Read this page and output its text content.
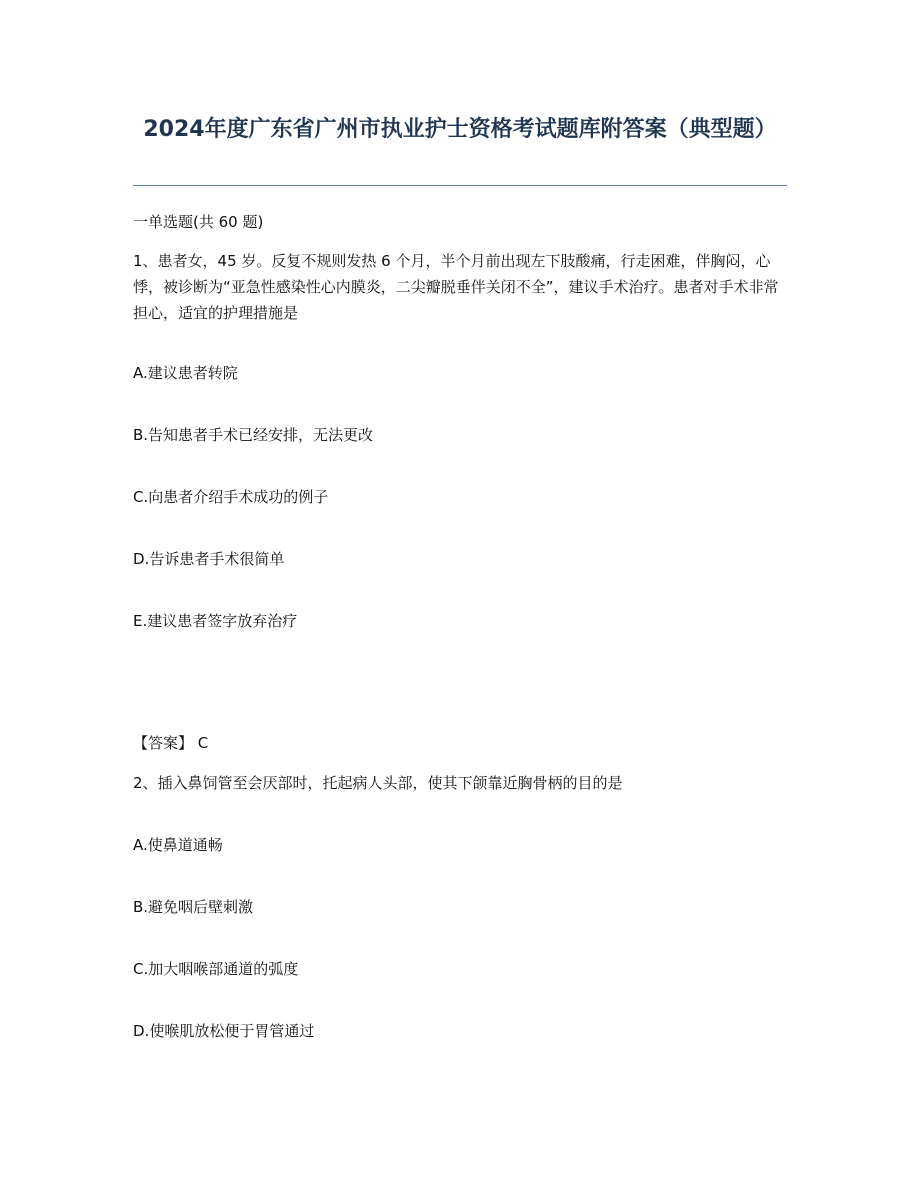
2024年度广东省广州市执业护士资格考试题库附答案（典型题）
一单选题(共 60 题)
1、患者女，45 岁。反复不规则发热 6 个月，半个月前出现左下肢酸痛，行走困难，伴胸闷，心悸，被诊断为“亚急性感染性心内膜炎，二尖瓣脱垂伴关闭不全”，建议手术治疗。患者对手术非常担心，适宜的护理措施是
A.建议患者转院
B.告知患者手术已经安排，无法更改
C.向患者介绍手术成功的例子
D.告诉患者手术很简单
E.建议患者签字放弃治疗
【答案】 C
2、插入鼻饲管至会厌部时，托起病人头部，使其下颌靠近胸骨柄的目的是
A.使鼻道通畅
B.避免咽后壁刺激
C.加大咽喉部通道的弧度
D.使喉肌放松便于胃管通过
